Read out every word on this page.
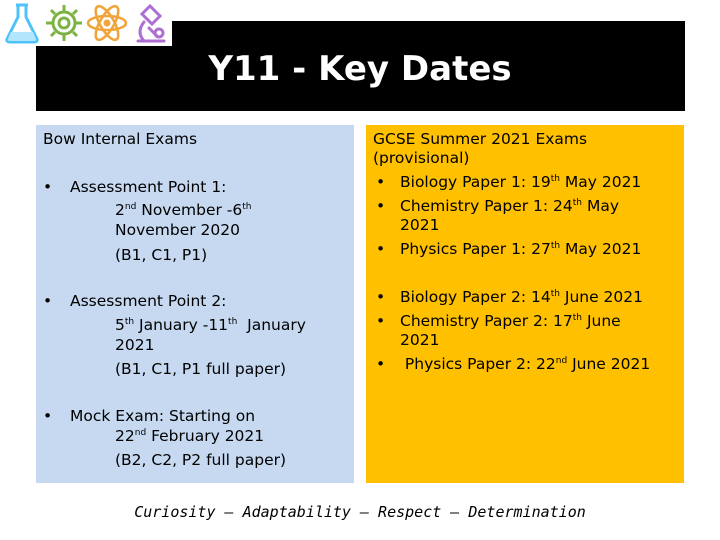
Y11 - Key Dates
Bow Internal Exams
• Assessment Point 1:
2nd November -6th
November 2020
(B1, C1, P1)
• Assessment Point 2:
5th January -11th  January
2021
(B1, C1, P1 full paper)
• Mock Exam: Starting on
22nd February 2021
(B2, C2, P2 full paper)
GCSE Summer 2021 Exams
(provisional)
• Biology Paper 1: 19th May 2021
• Chemistry Paper 1: 24th May
2021
• Physics Paper 1: 27th May 2021
• Biology Paper 2: 14th June 2021
• Chemistry Paper 2: 17th June
2021
• Physics Paper 2: 22nd June 2021
Curiosity – Adaptability – Respect – Determination
